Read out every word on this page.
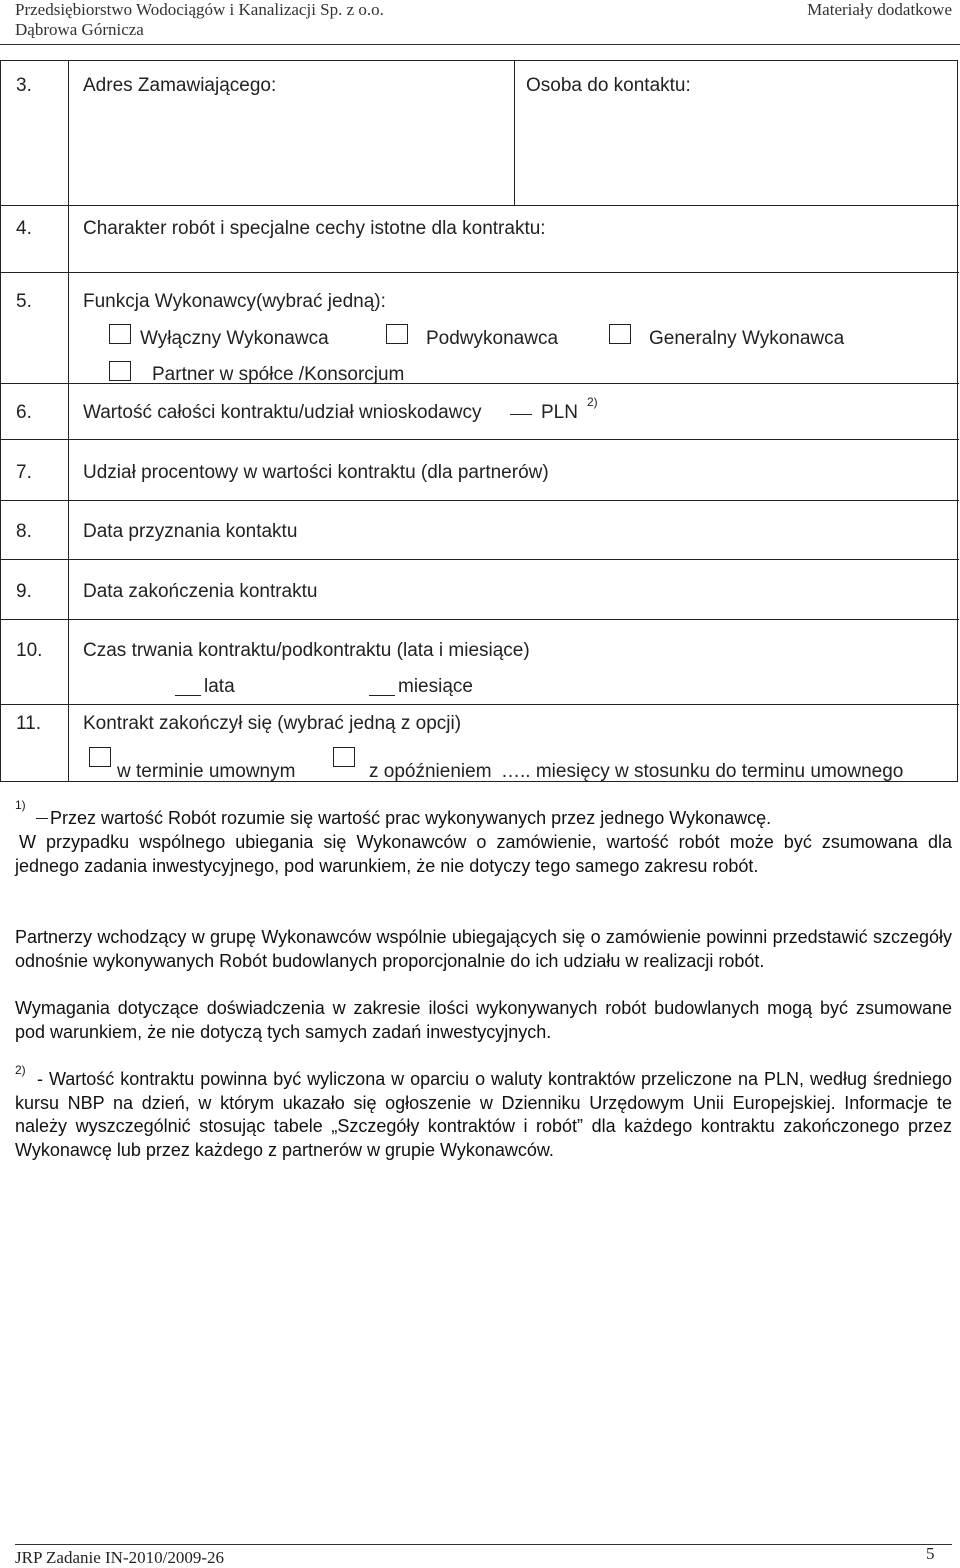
Przedsiębiorstwo Wodociągów i Kanalizacji Sp. z o.o.
Dąbrowa Górnicza
Materiały dodatkowe
3.	Adres Zamawiającego:	Osoba do kontaktu:
4.	Charakter robót i specjalne cechy istotne dla kontraktu:
5.	Funkcja Wykonawcy(wybrać jedną):
Wyłączny Wykonawca	Podwykonawca	Generalny Wykonawca
Partner w spółce /Konsorcjum
6.	Wartość całości kontraktu/udział wnioskodawcy	PLN 2)
7.	Udział procentowy w wartości kontraktu (dla partnerów)
8.	Data przyznania kontaktu
9.	Data zakończenia kontraktu
10. Czas trwania kontraktu/podkontraktu (lata i miesiące)
lata	miesiące
11. Kontrakt zakończył się (wybrać jedną z opcji)
w terminie umownym	z opóźnieniem ….. miesięcy w stosunku do terminu umownego
1)
Przez wartość Robót rozumie się wartość prac wykonywanych przez jednego Wykonawcę.
W przypadku wspólnego ubiegania się Wykonawców o zamówienie, wartość robót może być zsumowana dla jednego zadania inwestycyjnego, pod warunkiem, że nie dotyczy tego samego zakresu robót.
Partnerzy wchodzący w grupę Wykonawców wspólnie ubiegających się o zamówienie powinni przedstawić szczegóły odnośnie wykonywanych Robót budowlanych proporcjonalnie do ich udziału w realizacji robót.
Wymagania dotyczące doświadczenia w zakresie ilości wykonywanych robót budowlanych mogą być zsumowane pod warunkiem, że nie dotyczą tych samych zadań inwestycyjnych.
2) - Wartość kontraktu powinna być wyliczona w oparciu o waluty kontraktów przeliczone na PLN, według średniego kursu NBP na dzień, w którym ukazało się ogłoszenie w Dzienniku Urzędowym Unii Europejskiej. Informacje te należy wyszczególnić stosując tabele „Szczegóły kontraktów i robót” dla każdego kontraktu zakończonego przez Wykonawcę lub przez każdego z partnerów w grupie Wykonawców.
JRP Zadanie IN-2010/2009-26	5
